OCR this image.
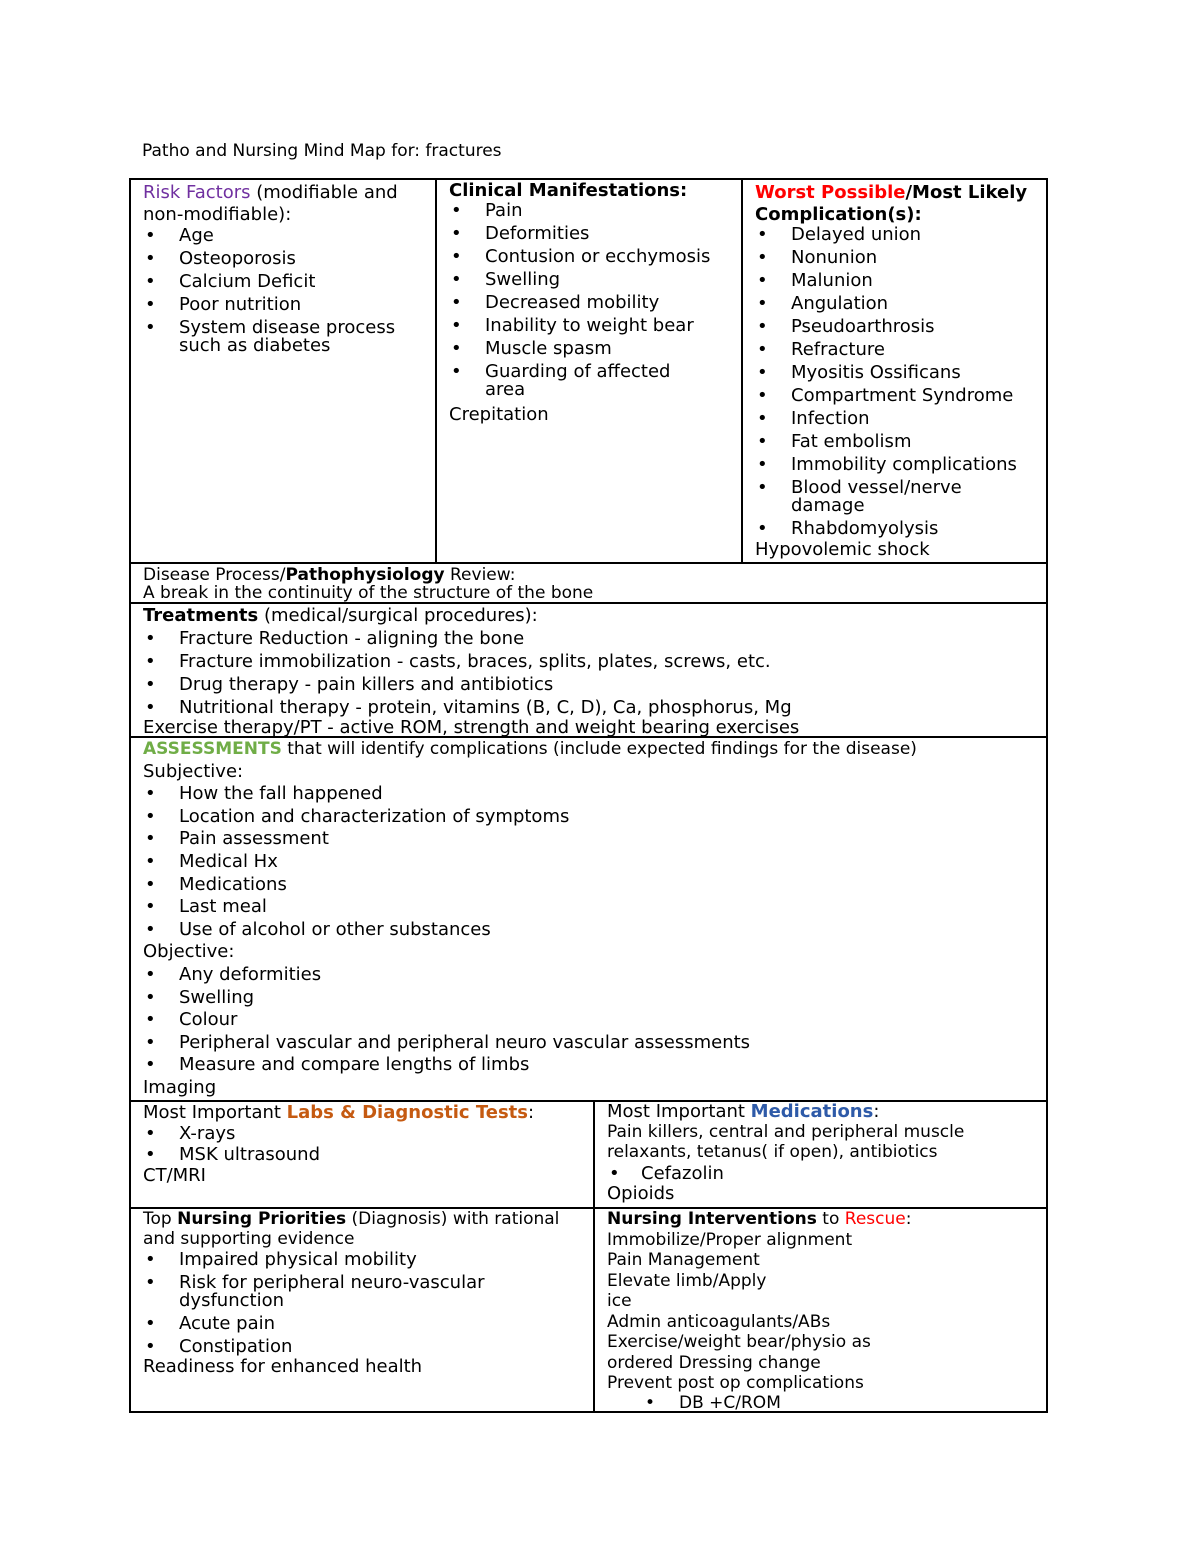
Patho and Nursing Mind Map for: fractures

Risk Factors (modifiable and non-modifiable):

• Age
• Osteoporosis
• Calcium Deficit
• Poor nutrition
• System disease process such as diabetes

Clinical Manifestations:

• Pain
• Deformities
• Contusion or ecchymosis
• Swelling
• Decreased mobility
• Inability to weight bear
• Muscle spasm
• Guarding of affected area

Crepitation

Worst Possible/Most Likely Complication(s):

• Delayed union
• Nonunion
• Malunion
• Angulation
• Pseudoarthrosis
• Refracture
• Myositis Ossificans
• Compartment Syndrome
• Infection
• Fat embolism
• Immobility complications
• Blood vessel/nerve damage
• Rhabdomyolysis

Hypovolemic shock

Disease Process/Pathophysiology Review:

A break in the continuity of the structure of the bone

Treatments (medical/surgical procedures):

• Fracture Reduction - aligning the bone
• Fracture immobilization - casts, braces, splits, plates, screws, etc.
• Drug therapy - pain killers and antibiotics
• Nutritional therapy - protein, vitamins (B, C, D), Ca, phosphorus, Mg

Exercise therapy/PT - active ROM, strength and weight bearing exercises

ASSESSMENTS that will identify complications (include expected findings for the disease)

Subjective:

• How the fall happened
• Location and characterization of symptoms
• Pain assessment
• Medical Hx
• Medications
• Last meal
• Use of alcohol or other substances

Objective:

• Any deformities
• Swelling
• Colour
• Peripheral vascular and peripheral neuro vascular assessments
• Measure and compare lengths of limbs

Imaging

Most Important Labs & Diagnostic Tests:

• X-rays
• MSK ultrasound

CT/MRI

Most Important Medications:

Pain killers, central and peripheral muscle relaxants, tetanus( if open), antibiotics

• Cefazolin

Opioids

Top Nursing Priorities (Diagnosis) with rational and supporting evidence

• Impaired physical mobility
• Risk for peripheral neuro-vascular dysfunction
• Acute pain
• Constipation

Readiness for enhanced health

Nursing Interventions to Rescue:

Immobilize/Proper alignment

Pain Management

Elevate limb/Apply

ice

Admin anticoagulants/ABs

Exercise/weight bear/physio as

ordered Dressing change

Prevent post op complications

• DB +C/ROM
